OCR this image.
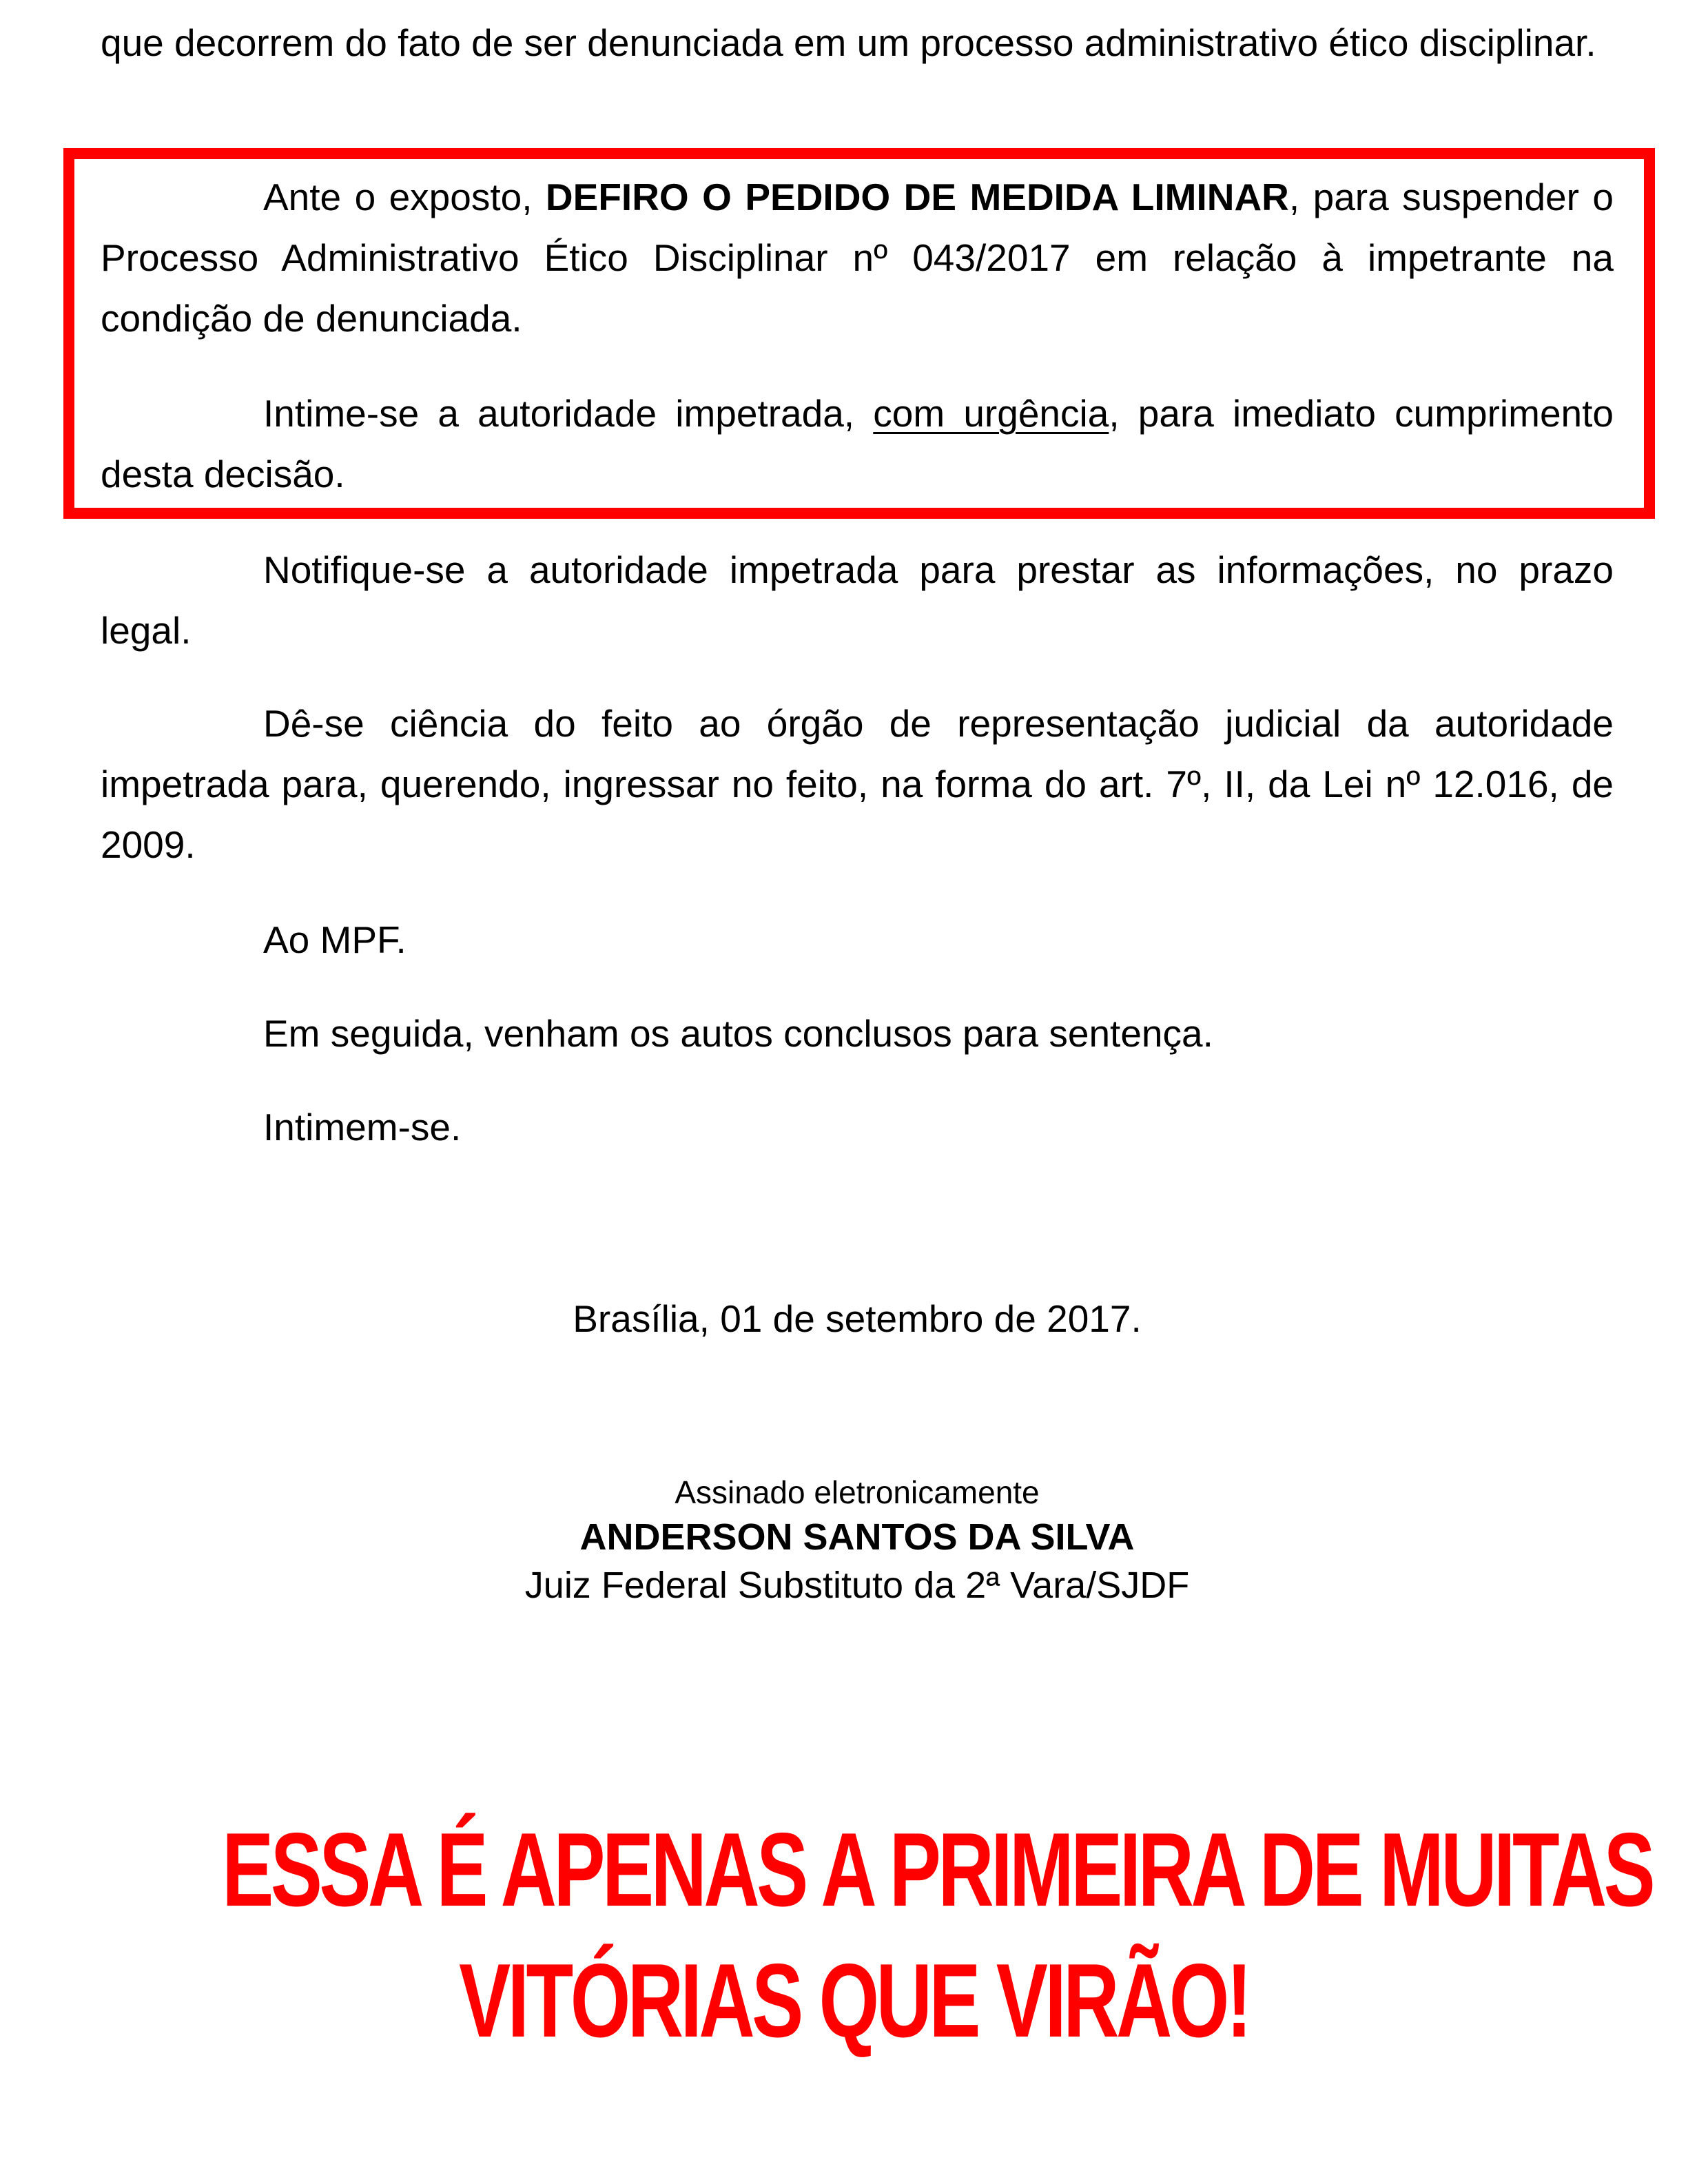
que decorrem do fato de ser denunciada em um processo administrativo ético disciplinar.

Ante o exposto, DEFIRO O PEDIDO DE MEDIDA LIMINAR, para suspender o Processo Administrativo Ético Disciplinar nº 043/2017 em relação à impetrante na condição de denunciada.

Intime-se a autoridade impetrada, com urgência, para imediato cumprimento desta decisão.

Notifique-se a autoridade impetrada para prestar as informações, no prazo legal.

Dê-se ciência do feito ao órgão de representação judicial da autoridade impetrada para, querendo, ingressar no feito, na forma do art. 7º, II, da Lei nº 12.016, de 2009.

Ao MPF.

Em seguida, venham os autos conclusos para sentença.

Intimem-se.

Brasília, 01 de setembro de 2017.

Assinado eletronicamente

ANDERSON SANTOS DA SILVA

Juiz Federal Substituto da 2ª Vara/SJDF

ESSA É APENAS A PRIMEIRA DE MUITAS

VITÓRIAS QUE VIRÃO!
